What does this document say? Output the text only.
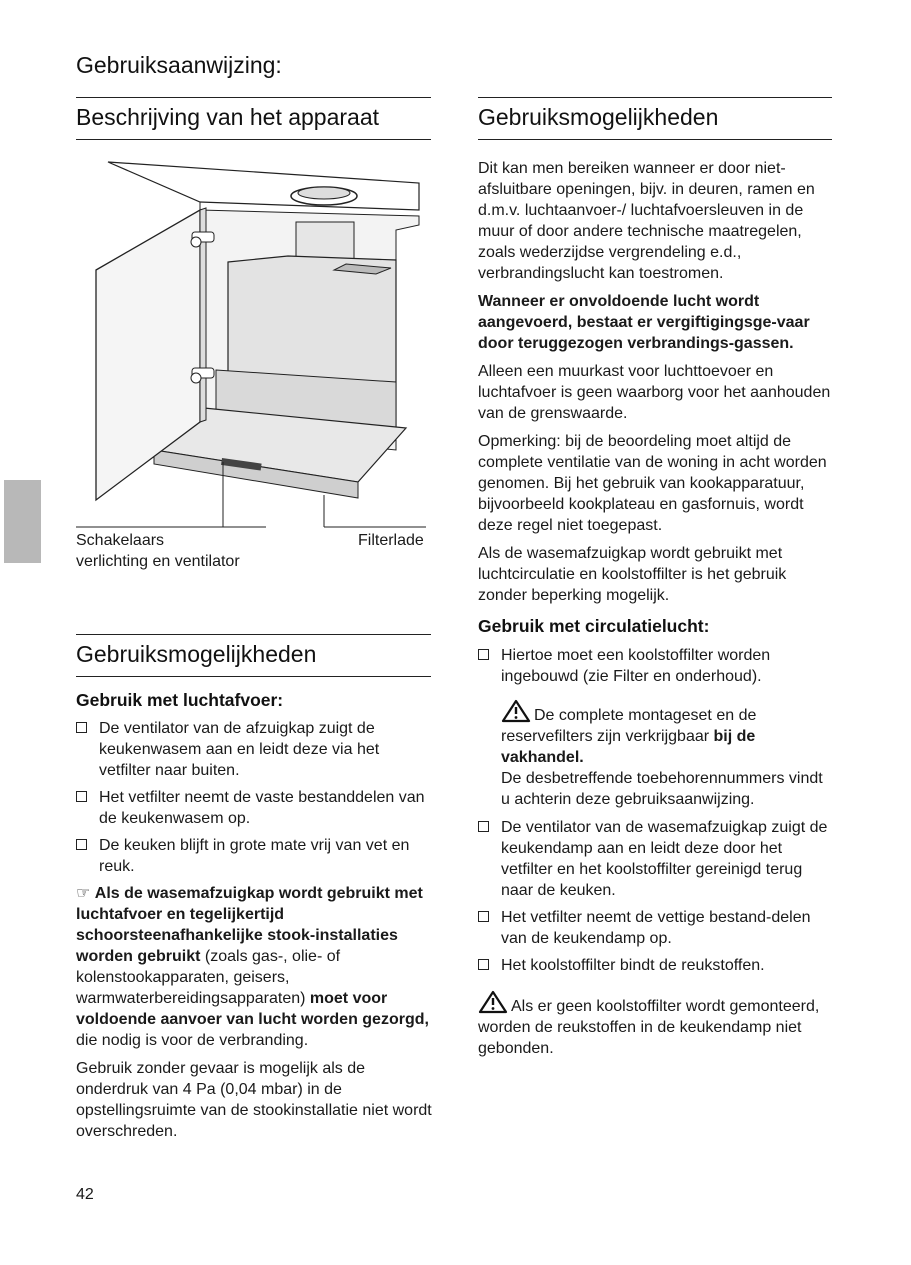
Gebruiksaanwijzing:
Beschrijving van het apparaat
Schakelaars
verlichting en ventilator
Filterlade
Gebruiksmogelijkheden
Gebruik met luchtafvoer:
De ventilator van de afzuigkap zuigt de keukenwasem aan en leidt deze via het vetfilter naar buiten.
Het vetfilter neemt de vaste bestanddelen van de keukenwasem op.
De keuken blijft in grote mate vrij van vet en reuk.

☞ Als de wasemafzuigkap wordt gebruikt met luchtafvoer en tegelijkertijd schoorsteenafhankelijke stook-installaties worden gebruikt (zoals gas-, olie- of kolenstookapparaten, geisers, warmwaterbereidingsapparaten) moet voor voldoende aanvoer van lucht worden gezorgd, die nodig is voor de verbranding.

Gebruik zonder gevaar is mogelijk als de onderdruk van 4 Pa (0,04 mbar) in de opstellingsruimte van de stookinstallatie niet wordt overschreden.

Gebruiksmogelijkheden

Dit kan men bereiken wanneer er door niet-afsluitbare openingen, bijv. in deuren, ramen en d.m.v. luchtaanvoer-/ luchtafvoersleuven in de muur of door andere technische maatregelen, zoals wederzijdse vergrendeling e.d., verbrandingslucht kan toestromen.

Wanneer er onvoldoende lucht wordt aangevoerd, bestaat er vergiftigingsge-vaar door teruggezogen verbrandings-gassen.

Alleen een muurkast voor luchttoevoer en luchtafvoer is geen waarborg voor het aanhouden van de grenswaarde.

Opmerking: bij de beoordeling moet altijd de complete ventilatie van de woning in acht worden genomen. Bij het gebruik van kookapparatuur, bijvoorbeeld kookplateau en gasfornuis, wordt deze regel niet toegepast.

Als de wasemafzuigkap wordt gebruikt met luchtcirculatie en koolstoffilter is het gebruik zonder beperking mogelijk.

Gebruik met circulatielucht:
Hiertoe moet een koolstoffilter worden ingebouwd (zie Filter en onderhoud).
De complete montageset en de reservefilters zijn verkrijgbaar bij de vakhandel.
De desbetreffende toebehorennummers vindt u achterin deze gebruiksaanwijzing.
De ventilator van de wasemafzuigkap zuigt de keukendamp aan en leidt deze door het vetfilter en het koolstoffilter gereinigd terug naar de keuken.
Het vetfilter neemt de vettige bestand-delen van de keukendamp op.
Het koolstoffilter bindt de reukstoffen.

Als er geen koolstoffilter wordt gemonteerd, worden de reukstoffen in de keukendamp niet gebonden.

42
